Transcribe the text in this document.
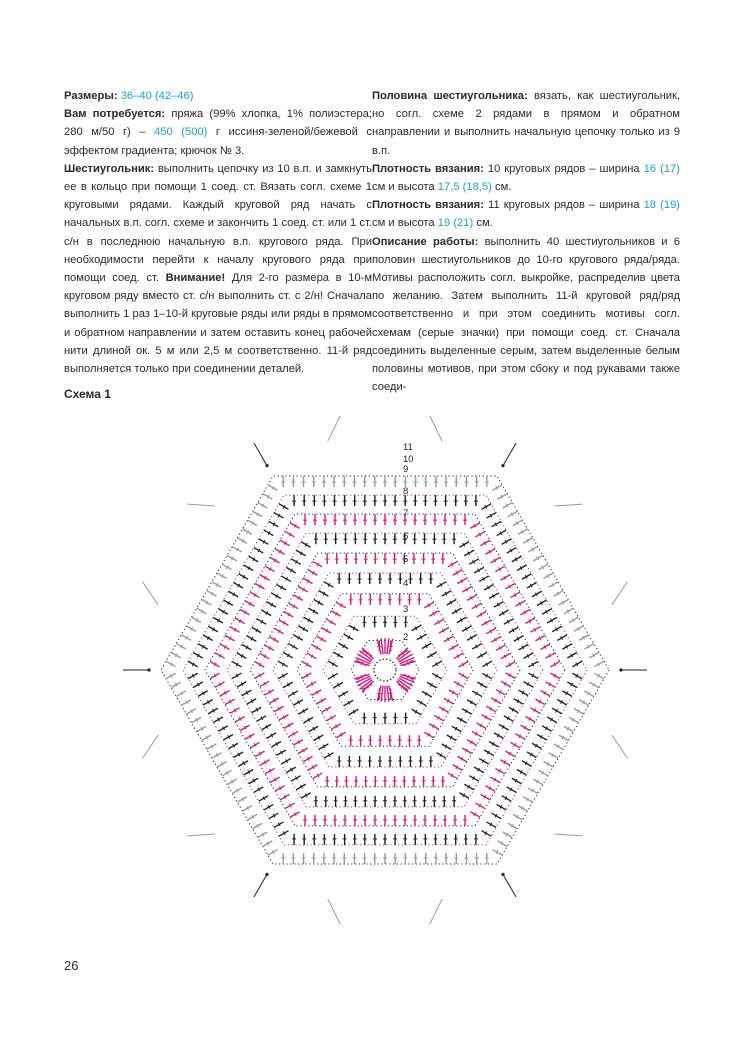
Размеры: 36–40 (42–46)

Вам потребуется: пряжа (99% хлопка, 1% полиэстера; 280 м/50 г) – 450 (500) г иссиня-зеленой/бежевой с эффектом градиента; крючок № 3.

Шестиугольник: выполнить цепочку из 10 в.п. и замкнуть ее в кольцо при помощи 1 соед. ст. Вязать согл. схеме 1 круговыми рядами. Каждый круговой ряд начать с начальных в.п. согл. схеме и закончить 1 соед. ст. или 1 ст. с/н в последнюю начальную в.п. кругового ряда. При необходимости перейти к началу кругового ряда при помощи соед. ст. Внимание! Для 2-го размера в 10-м круговом ряду вместо ст. с/н выполнить ст. с 2/н! Сначала выполнить 1 раз 1–10-й круговые ряды или ряды в прямом и обратном направлении и затем оставить конец рабочей нити длиной ок. 5 м или 2,5 м соответственно. 11-й ряд выполняется только при соединении деталей.

Половина шестиугольника: вязать, как шестиугольник, но согл. схеме 2 рядами в прямом и обратном направлении и выполнить начальную цепочку только из 9 в.п.

Плотность вязания: 10 круговых рядов – ширина 16 (17) см и высота 17,5 (18,5) см.

Плотность вязания: 11 круговых рядов – ширина 18 (19) см и высота 19 (21) см.

Описание работы: выполнить 40 шестиугольников и 6 половин шестиугольников до 10-го кругового ряда/ряда. Мотивы расположить согл. выкройке, распределив цвета по желанию. Затем выполнить 11-й круговой ряд/ряд соответственно и при этом соединить мотивы согл. схемам (серые значки) при помощи соед. ст. Сначала соединить выделенные серым, затем выделенные белым половины мотивов, при этом сбоку и под рукавами также соеди-

Схема 1
2
3
4
5
6
7
8
9
10
11
26
